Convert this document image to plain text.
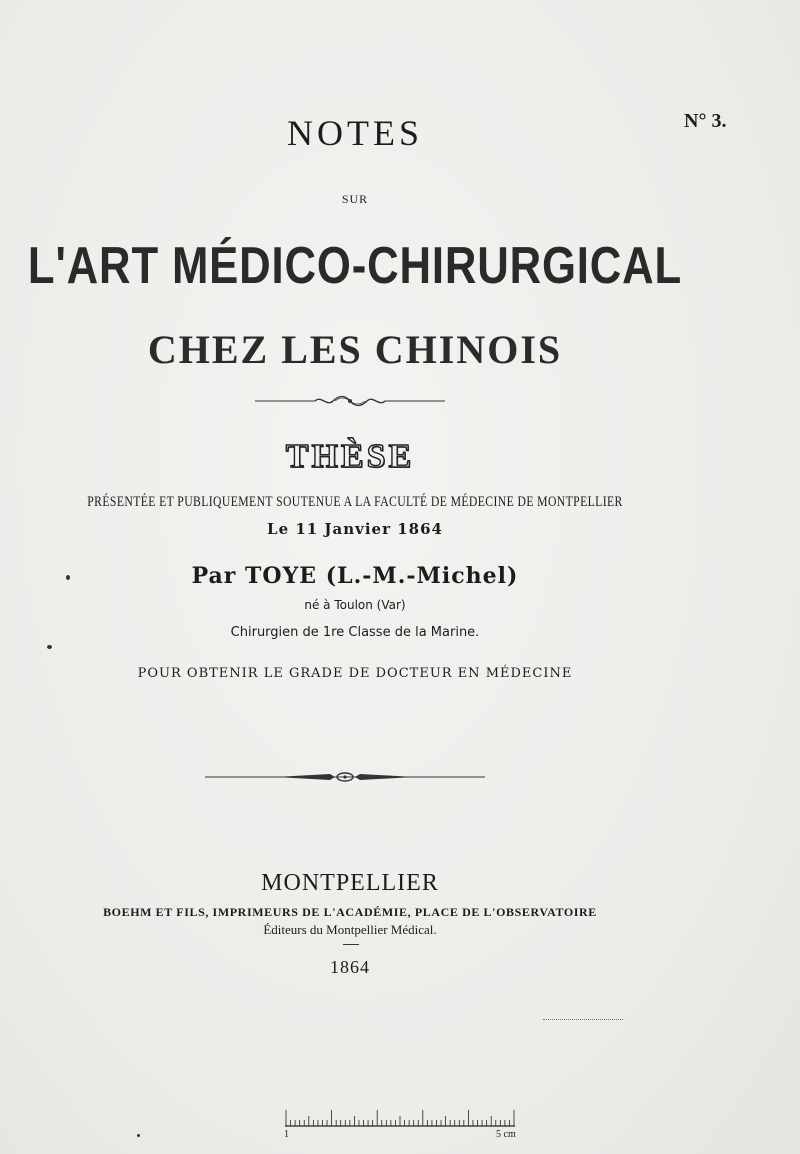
N° 3.
NOTES
SUR
L'ART MÉDICO-CHIRURGICAL
CHEZ LES CHINOIS
THÈSE
PRÉSENTÉE ET PUBLIQUEMENT SOUTENUE A LA FACULTÉ DE MÉDECINE DE MONTPELLIER
Le 11 Janvier 1864
Par TOYE (L.-M.-Michel)
né à Toulon (Var)
Chirurgien de 1re Classe de la Marine.
POUR OBTENIR LE GRADE DE DOCTEUR EN MÉDECINE
MONTPELLIER
BOEHM ET FILS, IMPRIMEURS DE L'ACADÉMIE, PLACE DE L'OBSERVATOIRE
Éditeurs du Montpellier Médical.
1864
1	5 cm
